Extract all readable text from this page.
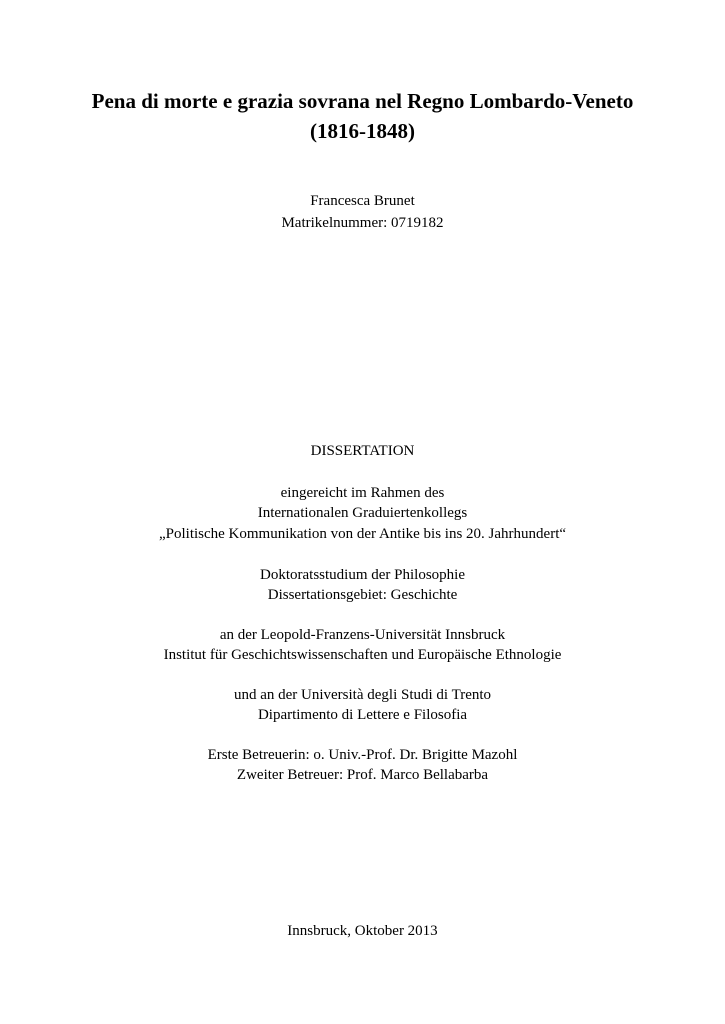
Pena di morte e grazia sovrana nel Regno Lombardo-Veneto
(1816-1848)
Francesca Brunet
Matrikelnummer: 0719182
DISSERTATION
eingereicht im Rahmen des
Internationalen Graduiertenkollegs
„Politische Kommunikation von der Antike bis ins 20. Jahrhundert“
Doktoratsstudium der Philosophie
Dissertationsgebiet: Geschichte
an der Leopold-Franzens-Universität Innsbruck
Institut für Geschichtswissenschaften und Europäische Ethnologie
und an der Università degli Studi di Trento
Dipartimento di Lettere e Filosofia
Erste Betreuerin: o. Univ.-Prof. Dr. Brigitte Mazohl
Zweiter Betreuer: Prof. Marco Bellabarba
Innsbruck, Oktober 2013
